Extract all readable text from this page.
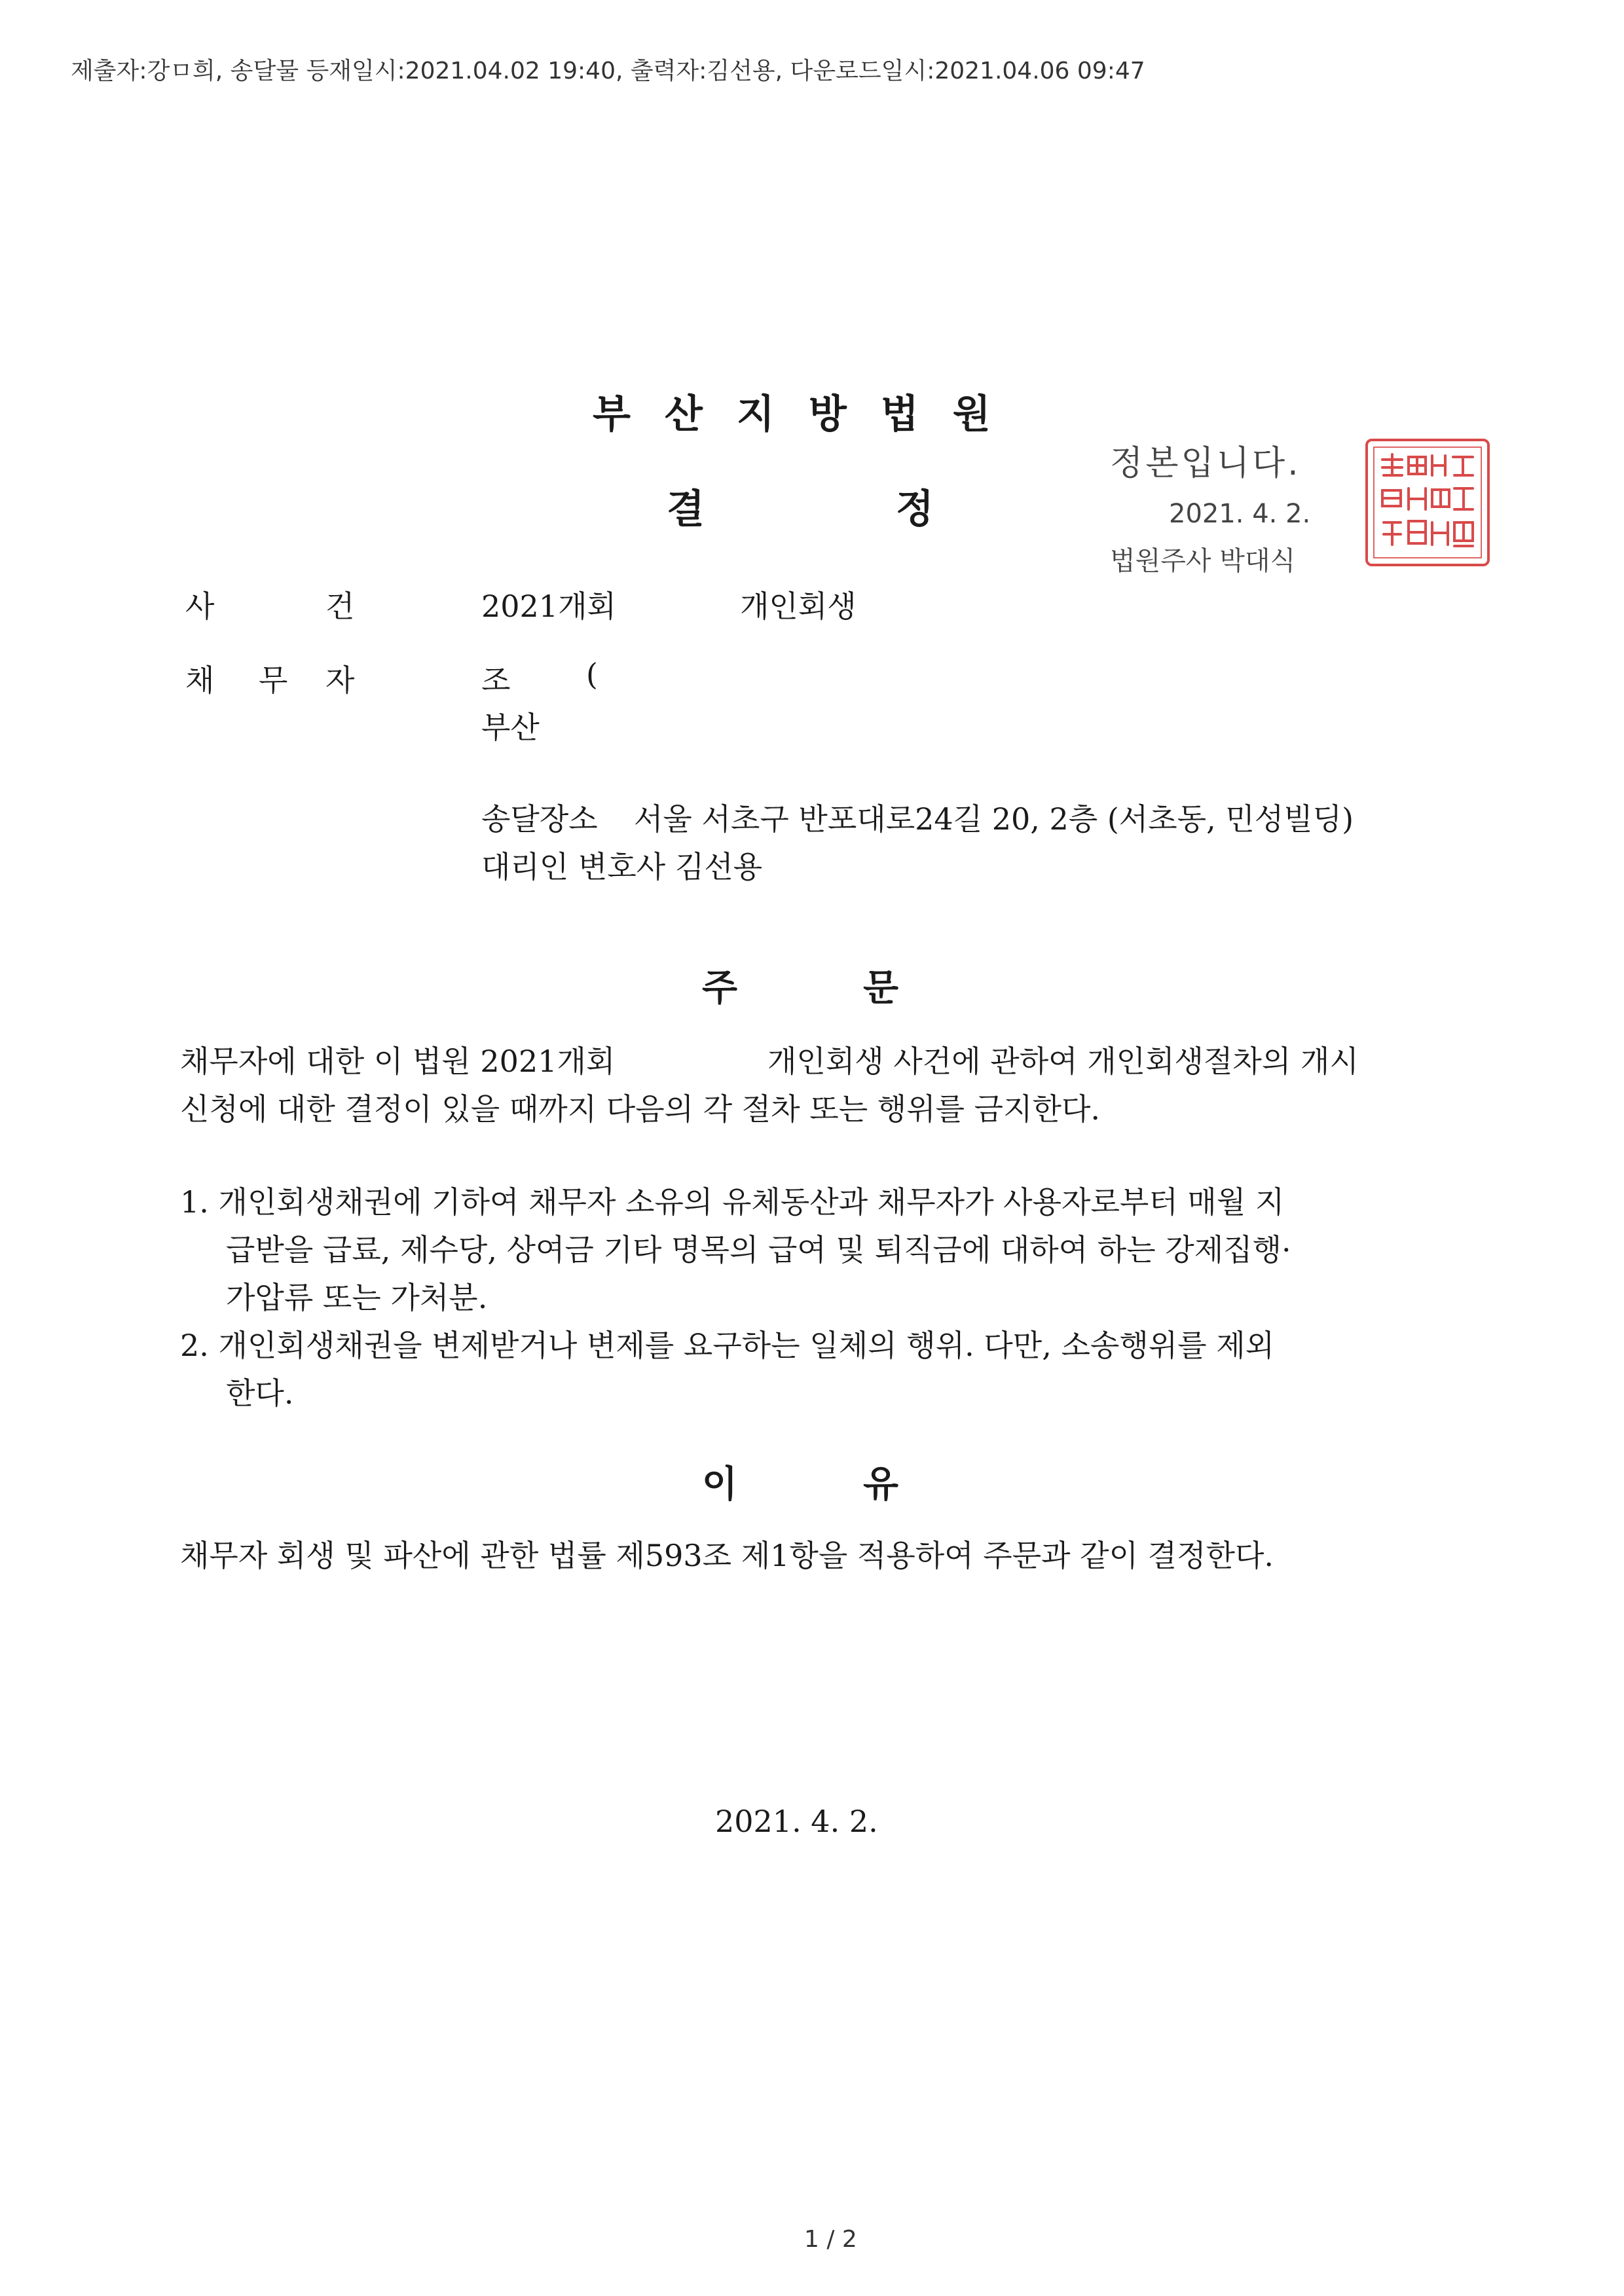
제출자:강ㅁ희, 송달물 등재일시:2021.04.02 19:40, 출력자:김선용, 다운로드일시:2021.04.06 09:47
부산지방법원
결	정
정본입니다.
2021. 4. 2.
법원주사 박대식
사	건	2021개회	개인회생
채 무 자	조	(
부산
송달장소 서울 서초구 반포대로24길 20, 2층 (서초동, 민성빌딩)
대리인 변호사 김선용
주	문
채무자에 대한 이 법원 2021개회	개인회생 사건에 관하여 개인회생절차의 개시
신청에 대한 결정이 있을 때까지 다음의 각 절차 또는 행위를 금지한다.
1. 개인회생채권에 기하여 채무자 소유의 유체동산과 채무자가 사용자로부터 매월 지
급받을 급료, 제수당, 상여금 기타 명목의 급여 및 퇴직금에 대하여 하는 강제집행·
가압류 또는 가처분.
2. 개인회생채권을 변제받거나 변제를 요구하는 일체의 행위. 다만, 소송행위를 제외
한다.
이	유
채무자 회생 및 파산에 관한 법률 제593조 제1항을 적용하여 주문과 같이 결정한다.
2021. 4. 2.
1 / 2
